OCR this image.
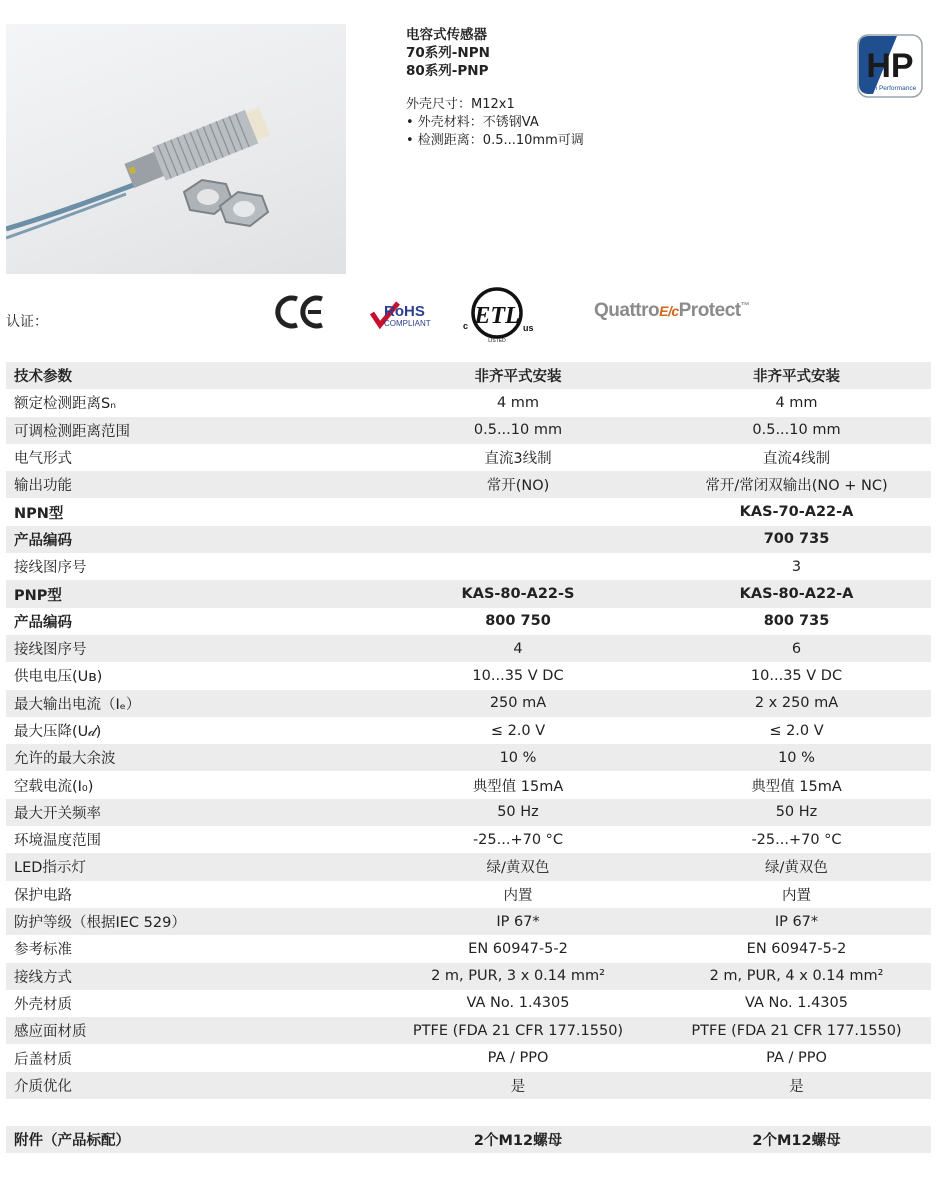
电容式传感器
70系列-NPN
80系列-PNP
外壳尺寸：M12x1
• 外壳材料：不锈钢VA
• 检测距离：0.5...10mm可调
HP
High Performance
认证：
RoHS
COMPLIANT ETL
c	us
LISTED
QuattroE/cProtect™
技术参数	非齐平式安装	非齐平式安装
额定检测距离Sₙ	4 mm	4 mm
可调检测距离范围	0.5...10 mm	0.5...10 mm
电气形式	直流3线制	直流4线制
输出功能	常开(NO)	常开/常闭双输出(NO + NC)
NPN型		KAS-70-A22-A
产品编码		700 735
接线图序号		3
PNP型	KAS-80-A22-S	KAS-80-A22-A
产品编码	800 750	800 735
接线图序号	4	6
供电电压(Uʙ)	10...35 V DC	10...35 V DC
最大输出电流（Iₑ）	250 mA	2 x 250 mA
最大压降(U𝒹)	≤ 2.0 V	≤ 2.0 V
允许的最大余波	10 %	10 %
空载电流(I₀)	典型值 15mA	典型值 15mA
最大开关频率	50 Hz	50 Hz
环境温度范围	-25...+70 °C	-25...+70 °C
LED指示灯	绿/黄双色	绿/黄双色
保护电路	内置	内置
防护等级（根据IEC 529）	IP 67*	IP 67*
参考标准	EN 60947-5-2	EN 60947-5-2
接线方式	2 m, PUR, 3 x 0.14 mm²	2 m, PUR, 4 x 0.14 mm²
外壳材质	VA No. 1.4305	VA No. 1.4305
感应面材质	PTFE (FDA 21 CFR 177.1550)	PTFE (FDA 21 CFR 177.1550)
后盖材质	PA / PPO	PA / PPO
介质优化	是	是

附件（产品标配）	2个M12螺母	2个M12螺母
